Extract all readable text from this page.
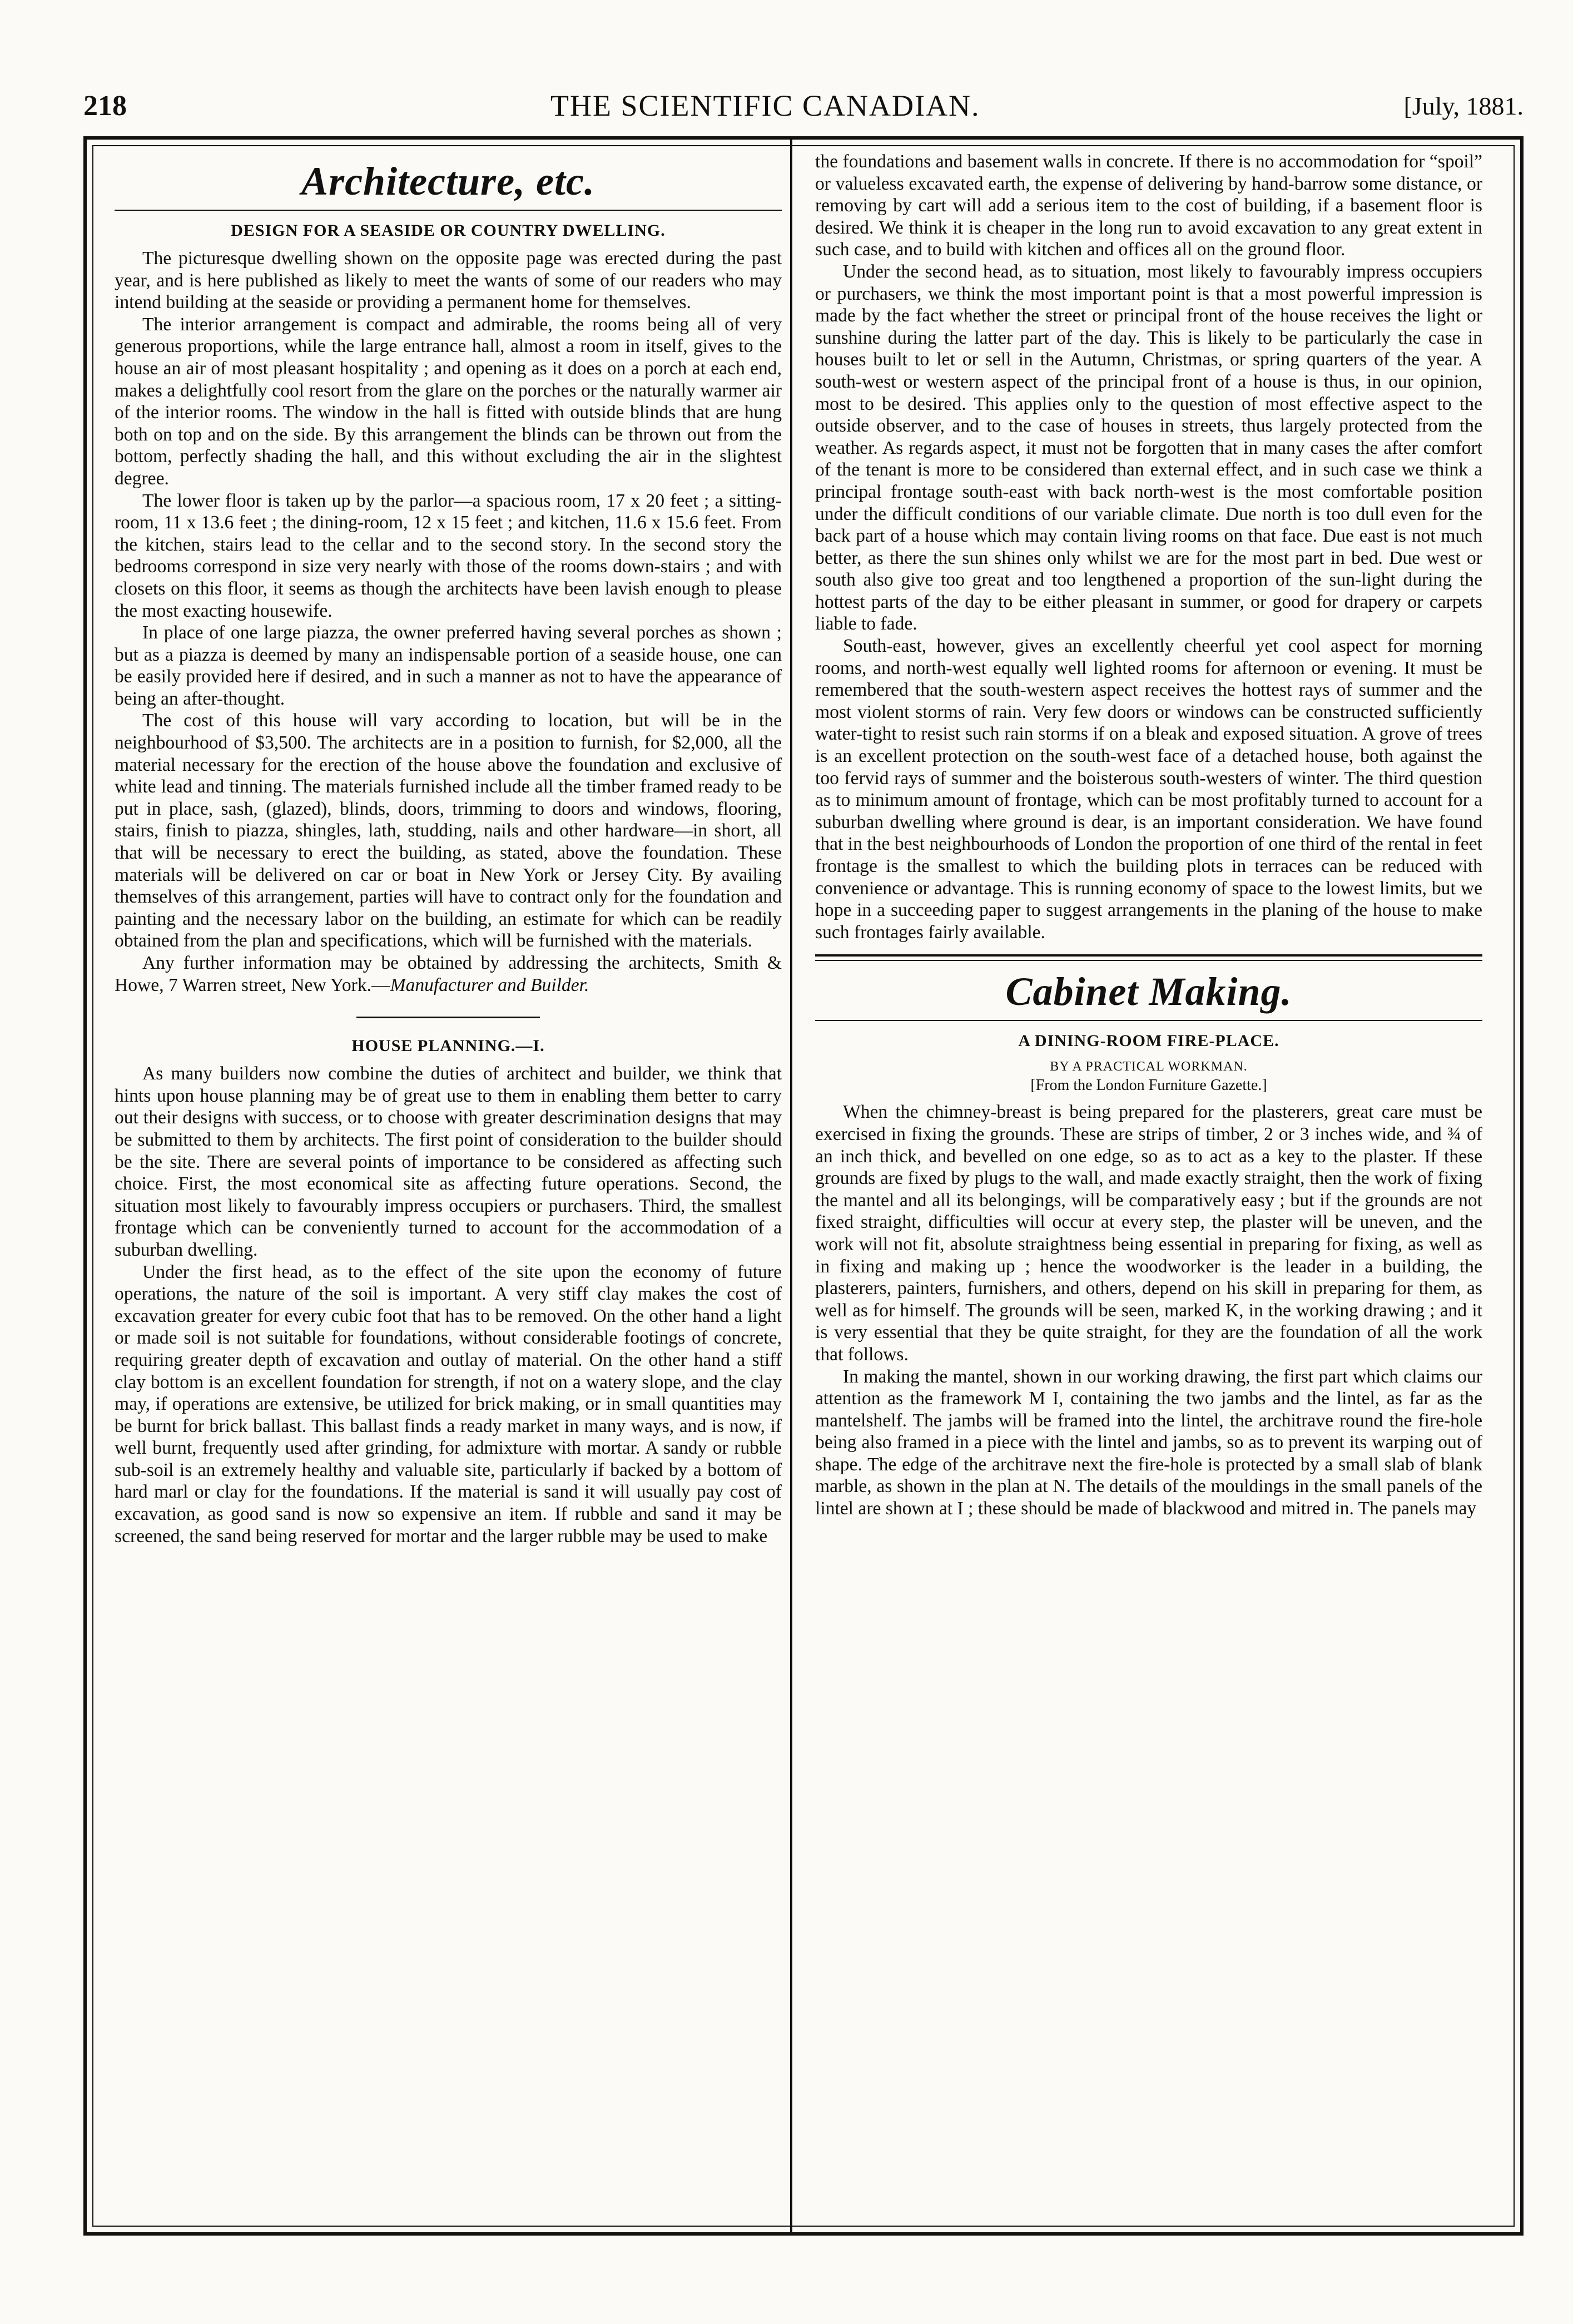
218	THE SCIENTIFIC CANADIAN.	[July, 1881.
Architecture, etc.
DESIGN FOR A SEASIDE OR COUNTRY DWELLING.

The picturesque dwelling shown on the opposite page was erected during the past year, and is here published as likely to meet the wants of some of our readers who may intend building at the seaside or providing a permanent home for themselves.

The interior arrangement is compact and admirable, the rooms being all of very generous proportions, while the large entrance hall, almost a room in itself, gives to the house an air of most pleasant hospitality ; and opening as it does on a porch at each end, makes a delightfully cool resort from the glare on the porches or the naturally warmer air of the interior rooms. The window in the hall is fitted with outside blinds that are hung both on top and on the side. By this arrangement the blinds can be thrown out from the bottom, perfectly shading the hall, and this without excluding the air in the slightest degree.

The lower floor is taken up by the parlor—a spacious room, 17 x 20 feet ; a sitting-room, 11 x 13.6 feet ; the dining-room, 12 x 15 feet ; and kitchen, 11.6 x 15.6 feet. From the kitchen, stairs lead to the cellar and to the second story. In the second story the bedrooms correspond in size very nearly with those of the rooms down-stairs ; and with closets on this floor, it seems as though the architects have been lavish enough to please the most exacting housewife.

In place of one large piazza, the owner preferred having several porches as shown ; but as a piazza is deemed by many an indispensable portion of a seaside house, one can be easily provided here if desired, and in such a manner as not to have the appearance of being an after-thought.

The cost of this house will vary according to location, but will be in the neighbourhood of $3,500. The architects are in a position to furnish, for $2,000, all the material necessary for the erection of the house above the foundation and exclusive of white lead and tinning. The materials furnished include all the timber framed ready to be put in place, sash, (glazed), blinds, doors, trimming to doors and windows, flooring, stairs, finish to piazza, shingles, lath, studding, nails and other hardware—in short, all that will be necessary to erect the building, as stated, above the foundation. These materials will be delivered on car or boat in New York or Jersey City. By availing themselves of this arrangement, parties will have to contract only for the foundation and painting and the necessary labor on the building, an estimate for which can be readily obtained from the plan and specifications, which will be furnished with the materials.

Any further information may be obtained by addressing the architects, Smith & Howe, 7 Warren street, New York.—Manufacturer and Builder.

HOUSE PLANNING.—I.

As many builders now combine the duties of architect and builder, we think that hints upon house planning may be of great use to them in enabling them better to carry out their designs with success, or to choose with greater descrimination designs that may be submitted to them by architects. The first point of consideration to the builder should be the site. There are several points of importance to be considered as affecting such choice. First, the most economical site as affecting future operations. Second, the situation most likely to favourably impress occupiers or purchasers. Third, the smallest frontage which can be conveniently turned to account for the accommodation of a suburban dwelling.

Under the first head, as to the effect of the site upon the economy of future operations, the nature of the soil is important. A very stiff clay makes the cost of excavation greater for every cubic foot that has to be removed. On the other hand a light or made soil is not suitable for foundations, without considerable footings of concrete, requiring greater depth of excavation and outlay of material. On the other hand a stiff clay bottom is an excellent foundation for strength, if not on a watery slope, and the clay may, if operations are extensive, be utilized for brick making, or in small quantities may be burnt for brick ballast. This ballast finds a ready market in many ways, and is now, if well burnt, frequently used after grinding, for admixture with mortar. A sandy or rubble sub-soil is an extremely healthy and valuable site, particularly if backed by a bottom of hard marl or clay for the foundations. If the material is sand it will usually pay cost of excavation, as good sand is now so expensive an item. If rubble and sand it may be screened, the sand being reserved for mortar and the larger rubble may be used to make

the foundations and basement walls in concrete. If there is no accommodation for “spoil” or valueless excavated earth, the expense of delivering by hand-barrow some distance, or removing by cart will add a serious item to the cost of building, if a basement floor is desired. We think it is cheaper in the long run to avoid excavation to any great extent in such case, and to build with kitchen and offices all on the ground floor.

Under the second head, as to situation, most likely to favourably impress occupiers or purchasers, we think the most important point is that a most powerful impression is made by the fact whether the street or principal front of the house receives the light or sunshine during the latter part of the day. This is likely to be particularly the case in houses built to let or sell in the Autumn, Christmas, or spring quarters of the year. A south-west or western aspect of the principal front of a house is thus, in our opinion, most to be desired. This applies only to the question of most effective aspect to the outside observer, and to the case of houses in streets, thus largely protected from the weather. As regards aspect, it must not be forgotten that in many cases the after comfort of the tenant is more to be considered than external effect, and in such case we think a principal frontage south-east with back north-west is the most comfortable position under the difficult conditions of our variable climate. Due north is too dull even for the back part of a house which may contain living rooms on that face. Due east is not much better, as there the sun shines only whilst we are for the most part in bed. Due west or south also give too great and too lengthened a proportion of the sun-light during the hottest parts of the day to be either pleasant in summer, or good for drapery or carpets liable to fade.

South-east, however, gives an excellently cheerful yet cool aspect for morning rooms, and north-west equally well lighted rooms for afternoon or evening. It must be remembered that the south-western aspect receives the hottest rays of summer and the most violent storms of rain. Very few doors or windows can be constructed sufficiently water-tight to resist such rain storms if on a bleak and exposed situation. A grove of trees is an excellent protection on the south-west face of a detached house, both against the too fervid rays of summer and the boisterous south-westers of winter. The third question as to minimum amount of frontage, which can be most profitably turned to account for a suburban dwelling where ground is dear, is an important consideration. We have found that in the best neighbourhoods of London the proportion of one third of the rental in feet frontage is the smallest to which the building plots in terraces can be reduced with convenience or advantage. This is running economy of space to the lowest limits, but we hope in a succeeding paper to suggest arrangements in the planing of the house to make such frontages fairly available.

Cabinet Making.
A DINING-ROOM FIRE-PLACE.
BY A PRACTICAL WORKMAN.
[From the London Furniture Gazette.]

When the chimney-breast is being prepared for the plasterers, great care must be exercised in fixing the grounds. These are strips of timber, 2 or 3 inches wide, and ¾ of an inch thick, and bevelled on one edge, so as to act as a key to the plaster. If these grounds are fixed by plugs to the wall, and made exactly straight, then the work of fixing the mantel and all its belongings, will be comparatively easy ; but if the grounds are not fixed straight, difficulties will occur at every step, the plaster will be uneven, and the work will not fit, absolute straightness being essential in preparing for fixing, as well as in fixing and making up ; hence the woodworker is the leader in a building, the plasterers, painters, furnishers, and others, depend on his skill in preparing for them, as well as for himself. The grounds will be seen, marked K, in the working drawing ; and it is very essential that they be quite straight, for they are the foundation of all the work that follows.

In making the mantel, shown in our working drawing, the first part which claims our attention as the framework M I, containing the two jambs and the lintel, as far as the mantelshelf. The jambs will be framed into the lintel, the architrave round the fire-hole being also framed in a piece with the lintel and jambs, so as to prevent its warping out of shape. The edge of the architrave next the fire-hole is protected by a small slab of blank marble, as shown in the plan at N. The details of the mouldings in the small panels of the lintel are shown at I ; these should be made of blackwood and mitred in. The panels may
